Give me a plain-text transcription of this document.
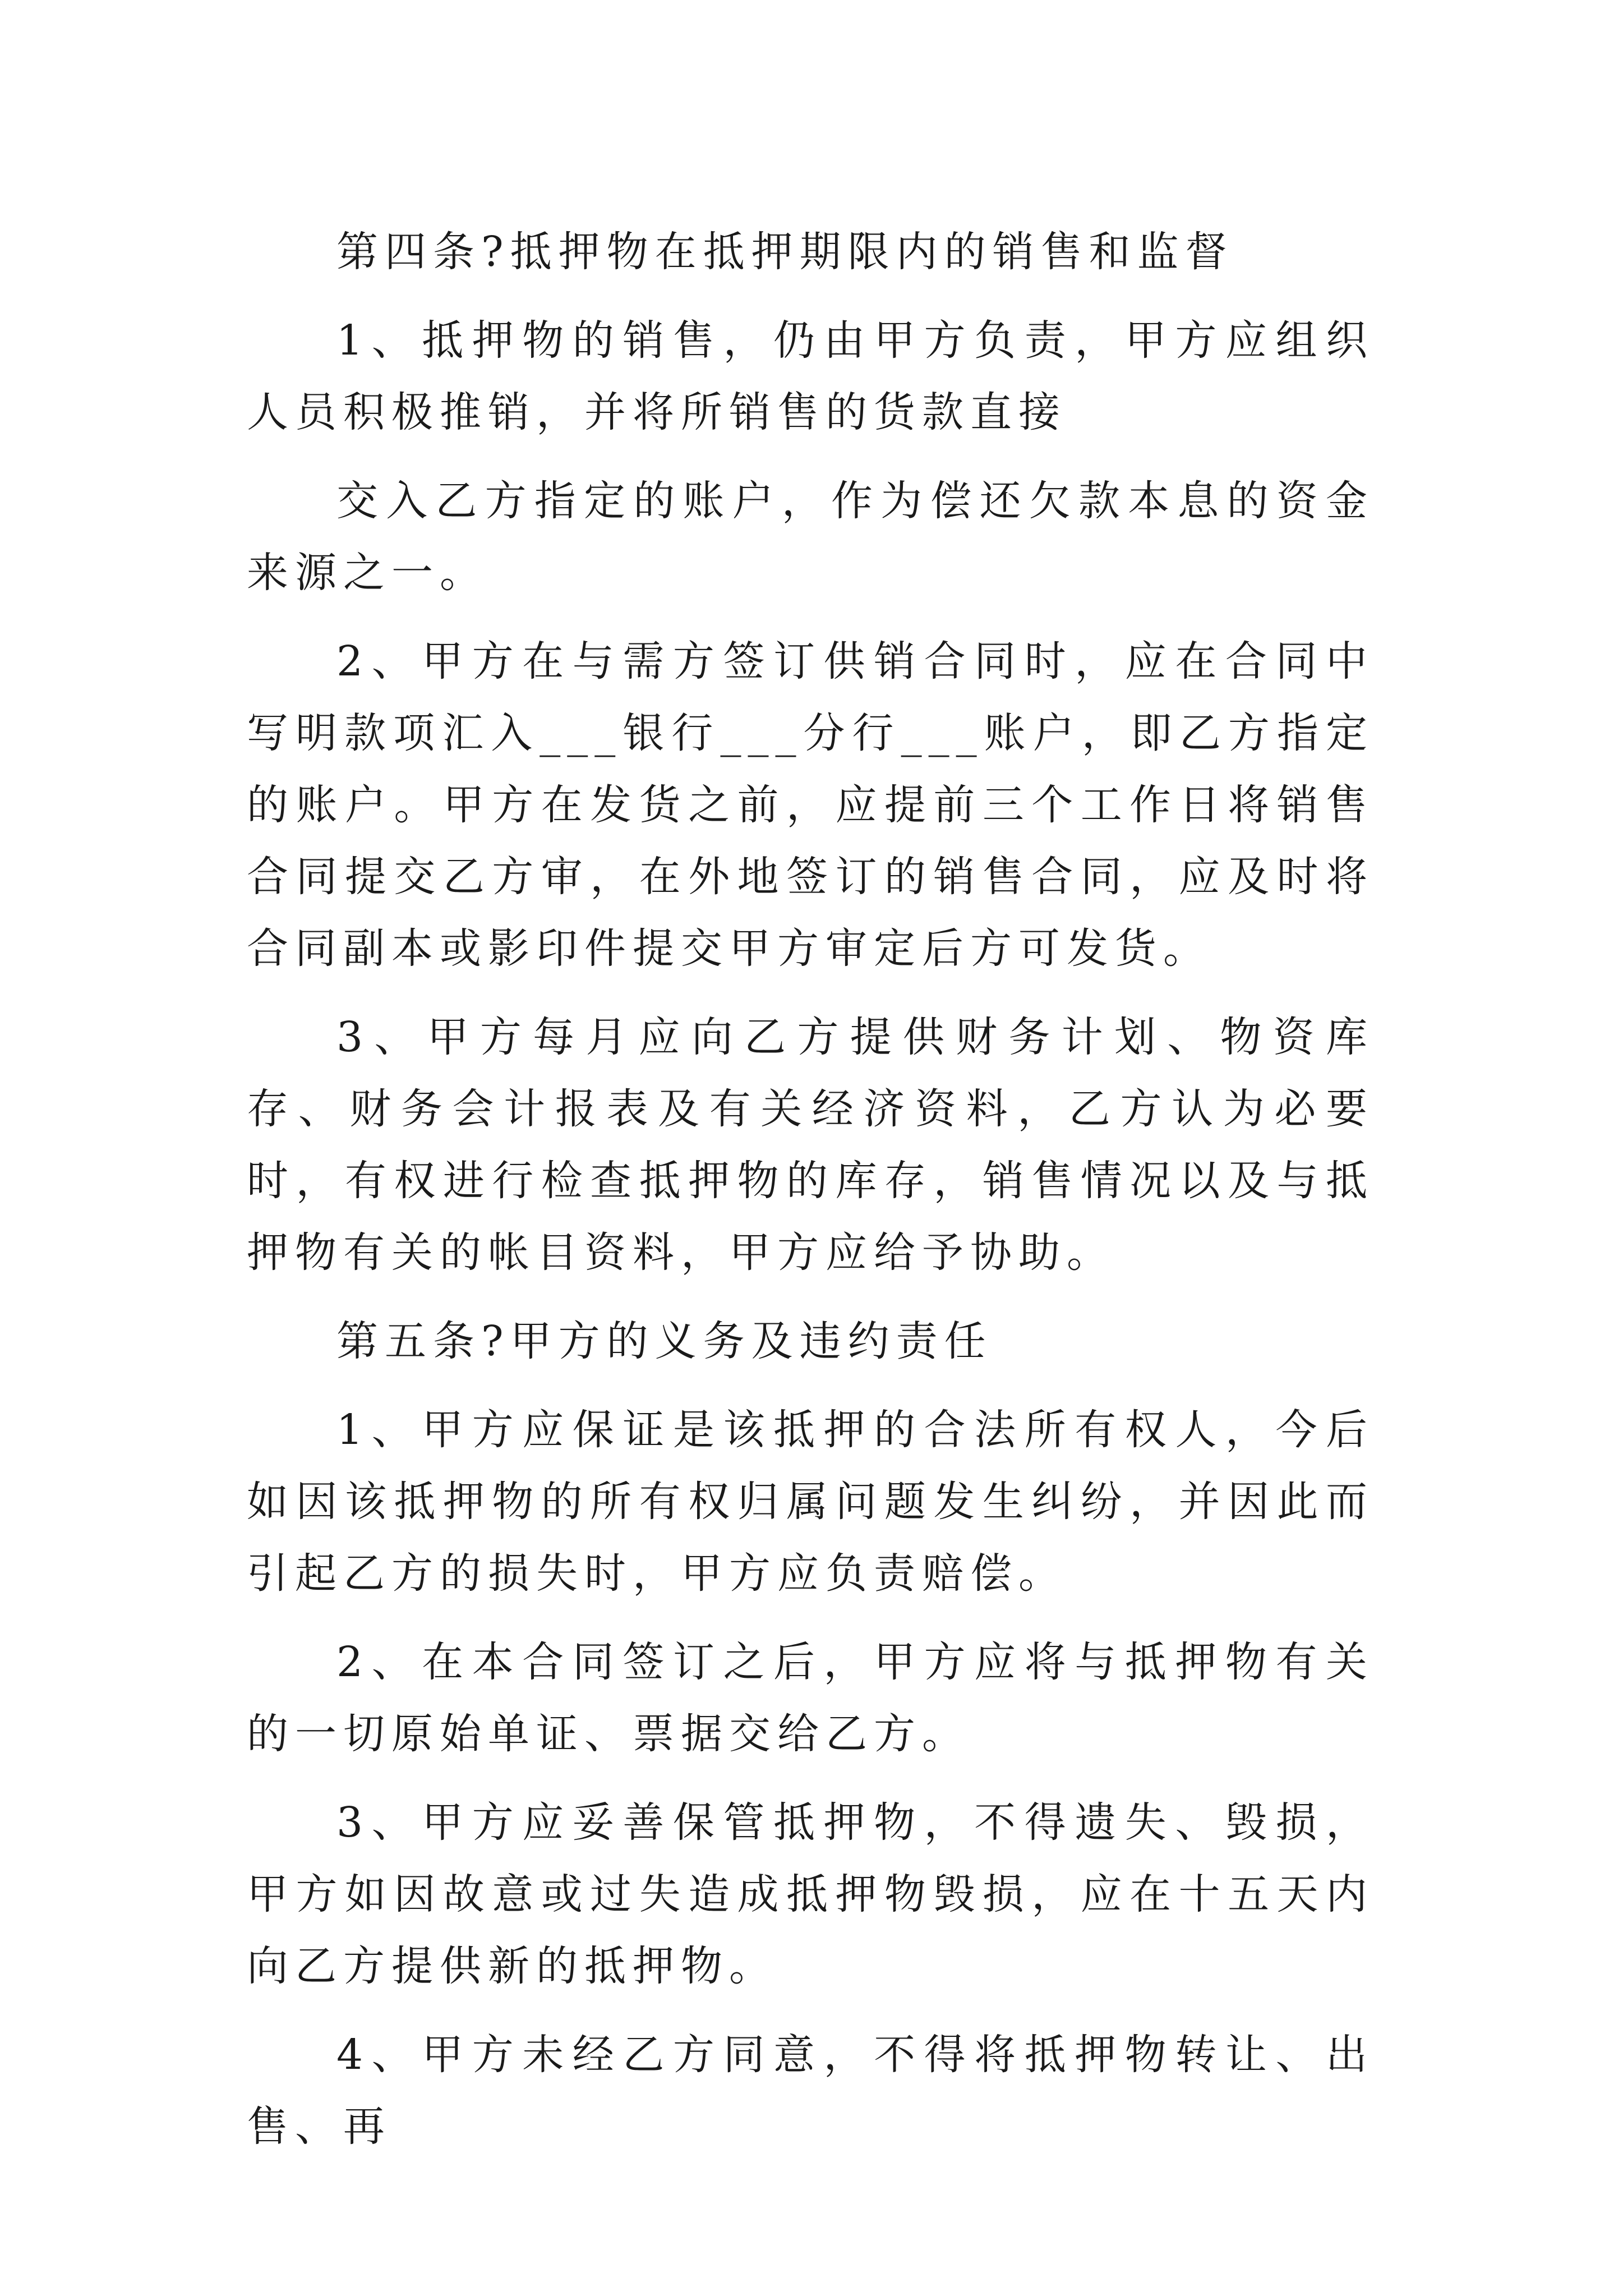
第四条?抵押物在抵押期限内的销售和监督

1、抵押物的销售，仍由甲方负责，甲方应组织人员积极推销，并将所销售的货款直接

交入乙方指定的账户，作为偿还欠款本息的资金来源之一。

2、甲方在与需方签订供销合同时，应在合同中写明款项汇入___银行___分行___账户，即乙方指定的账户。甲方在发货之前，应提前三个工作日将销售合同提交乙方审，在外地签订的销售合同，应及时将合同副本或影印件提交甲方审定后方可发货。

3、甲方每月应向乙方提供财务计划、物资库存、财务会计报表及有关经济资料，乙方认为必要时，有权进行检查抵押物的库存，销售情况以及与抵押物有关的帐目资料，甲方应给予协助。

第五条?甲方的义务及违约责任

1、甲方应保证是该抵押的合法所有权人，今后如因该抵押物的所有权归属问题发生纠纷，并因此而引起乙方的损失时，甲方应负责赔偿。

2、在本合同签订之后，甲方应将与抵押物有关的一切原始单证、票据交给乙方。

3、甲方应妥善保管抵押物，不得遗失、毁损，甲方如因故意或过失造成抵押物毁损，应在十五天内向乙方提供新的抵押物。

4、甲方未经乙方同意，不得将抵押物转让、出售、再
